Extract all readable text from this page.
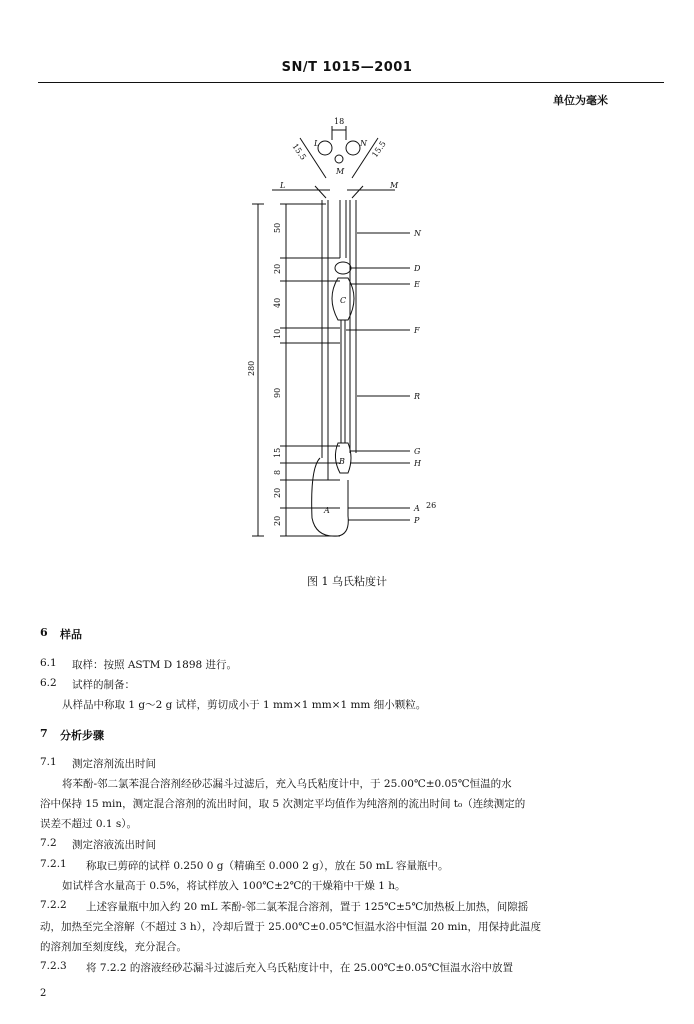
SN/T 1015—2001
单位为毫米
L	N
M
18
15.5	15.5
L	M
N
D
E
F
R
G
H
A 26
P
C
B
A
50
20
40
10
90
15
8
20
20
280
图 1 乌氏粘度计
6 样品
6.1 取样：按照 ASTM D 1898 进行。
6.2 试样的制备：
从样品中称取 1 g～2 g 试样，剪切成小于 1 mm×1 mm×1 mm 细小颗粒。
7 分析步骤
7.1 测定溶剂流出时间
将苯酚-邻二氯苯混合溶剂经砂芯漏斗过滤后，充入乌氏粘度计中，于 25.00℃±0.05℃恒温的水
浴中保持 15 min，测定混合溶剂的流出时间，取 5 次测定平均值作为纯溶剂的流出时间 t₀（连续测定的
误差不超过 0.1 s）。
7.2 测定溶液流出时间
7.2.1 称取已剪碎的试样 0.250 0 g（精确至 0.000 2 g），放在 50 mL 容量瓶中。
如试样含水量高于 0.5%，将试样放入 100℃±2℃的干燥箱中干燥 1 h。
7.2.2 上述容量瓶中加入约 20 mL 苯酚-邻二氯苯混合溶剂，置于 125℃±5℃加热板上加热，间隙摇
动，加热至完全溶解（不超过 3 h），冷却后置于 25.00℃±0.05℃恒温水浴中恒温 20 min，用保持此温度
的溶剂加至刻度线，充分混合。
7.2.3 将 7.2.2 的溶液经砂芯漏斗过滤后充入乌氏粘度计中，在 25.00℃±0.05℃恒温水浴中放置
2
